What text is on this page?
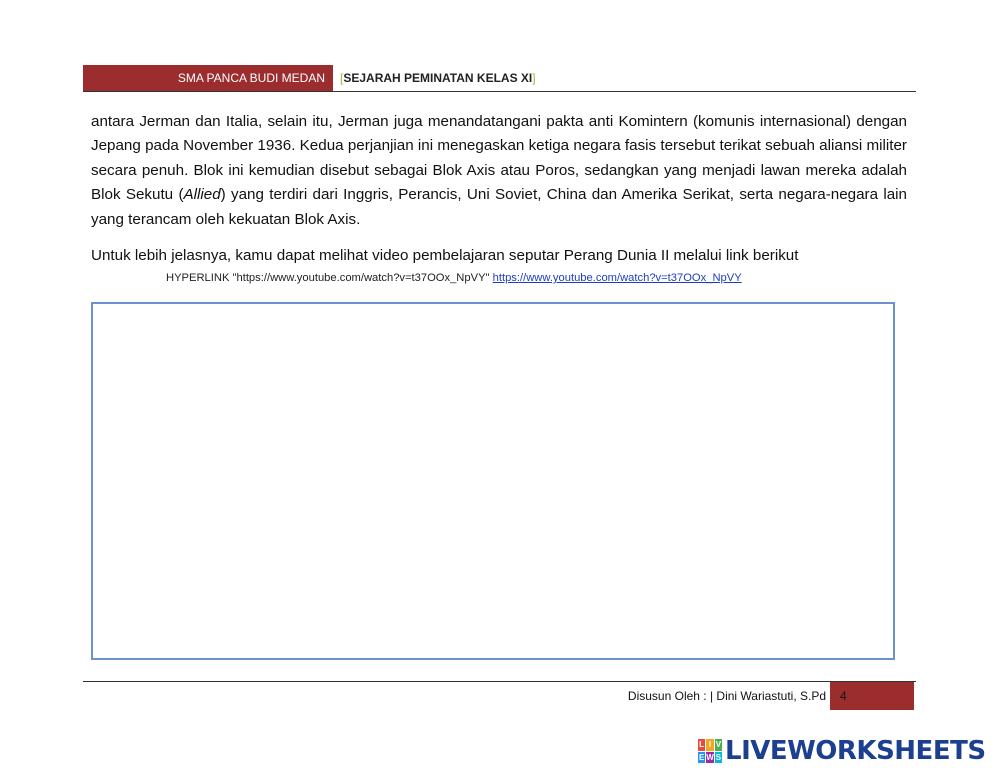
SMA PANCA BUDI MEDAN [SEJARAH PEMINATAN KELAS XI]

antara Jerman dan Italia, selain itu, Jerman juga menandatangani pakta anti Komintern (komunis internasional) dengan Jepang pada November 1936. Kedua perjanjian ini menegaskan ketiga negara fasis tersebut terikat sebuah aliansi militer secara penuh. Blok ini kemudian disebut sebagai Blok Axis atau Poros, sedangkan yang menjadi lawan mereka adalah Blok Sekutu (Allied) yang terdiri dari Inggris, Perancis, Uni Soviet, China dan Amerika Serikat, serta negara-negara lain yang terancam oleh kekuatan Blok Axis.

Untuk lebih jelasnya, kamu dapat melihat video pembelajaran seputar Perang Dunia II melalui link berikut
HYPERLINK "https://www.youtube.com/watch?v=t37OOx_NpVY" https://www.youtube.com/watch?v=t37OOx_NpVY
Disusun Oleh : | Dini Wariastuti, S.Pd	4
L I V
E W S LIVEWORKSHEETS
